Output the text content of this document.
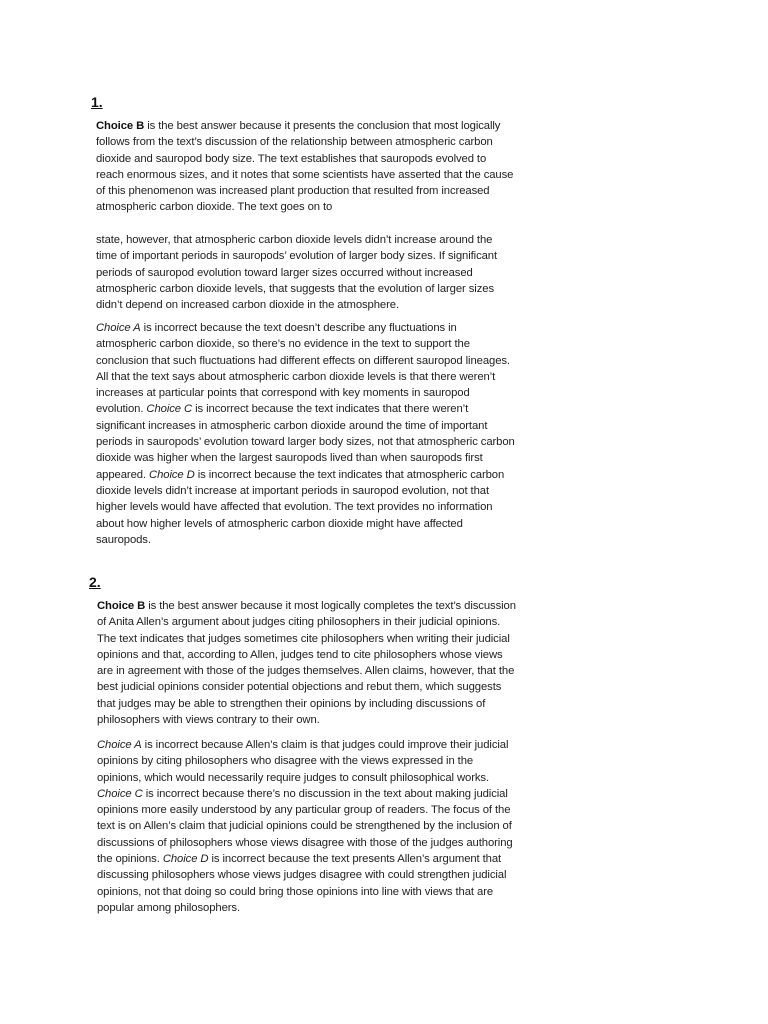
1.
Choice B is the best answer because it presents the conclusion that most logically follows from the text’s discussion of the relationship between atmospheric carbon dioxide and sauropod body size. The text establishes that sauropods evolved to reach enormous sizes, and it notes that some scientists have asserted that the cause of this phenomenon was increased plant production that resulted from increased atmospheric carbon dioxide. The text goes on to
state, however, that atmospheric carbon dioxide levels didn’t increase around the time of important periods in sauropods’ evolution of larger body sizes. If significant periods of sauropod evolution toward larger sizes occurred without increased atmospheric carbon dioxide levels, that suggests that the evolution of larger sizes didn’t depend on increased carbon dioxide in the atmosphere.
Choice A is incorrect because the text doesn’t describe any fluctuations in atmospheric carbon dioxide, so there’s no evidence in the text to support the conclusion that such fluctuations had different effects on different sauropod lineages. All that the text says about atmospheric carbon dioxide levels is that there weren’t increases at particular points that correspond with key moments in sauropod evolution. Choice C is incorrect because the text indicates that there weren’t significant increases in atmospheric carbon dioxide around the time of important periods in sauropods’ evolution toward larger body sizes, not that atmospheric carbon dioxide was higher when the largest sauropods lived than when sauropods first appeared. Choice D is incorrect because the text indicates that atmospheric carbon dioxide levels didn’t increase at important periods in sauropod evolution, not that higher levels would have affected that evolution. The text provides no information about how higher levels of atmospheric carbon dioxide might have affected sauropods.
2.
Choice B is the best answer because it most logically completes the text’s discussion of Anita Allen’s argument about judges citing philosophers in their judicial opinions. The text indicates that judges sometimes cite philosophers when writing their judicial opinions and that, according to Allen, judges tend to cite philosophers whose views are in agreement with those of the judges themselves. Allen claims, however, that the best judicial opinions consider potential objections and rebut them, which suggests that judges may be able to strengthen their opinions by including discussions of philosophers with views contrary to their own.
Choice A is incorrect because Allen’s claim is that judges could improve their judicial opinions by citing philosophers who disagree with the views expressed in the opinions, which would necessarily require judges to consult philosophical works. Choice C is incorrect because there’s no discussion in the text about making judicial opinions more easily understood by any particular group of readers. The focus of the text is on Allen’s claim that judicial opinions could be strengthened by the inclusion of discussions of philosophers whose views disagree with those of the judges authoring the opinions. Choice D is incorrect because the text presents Allen’s argument that discussing philosophers whose views judges disagree with could strengthen judicial opinions, not that doing so could bring those opinions into line with views that are popular among philosophers.
